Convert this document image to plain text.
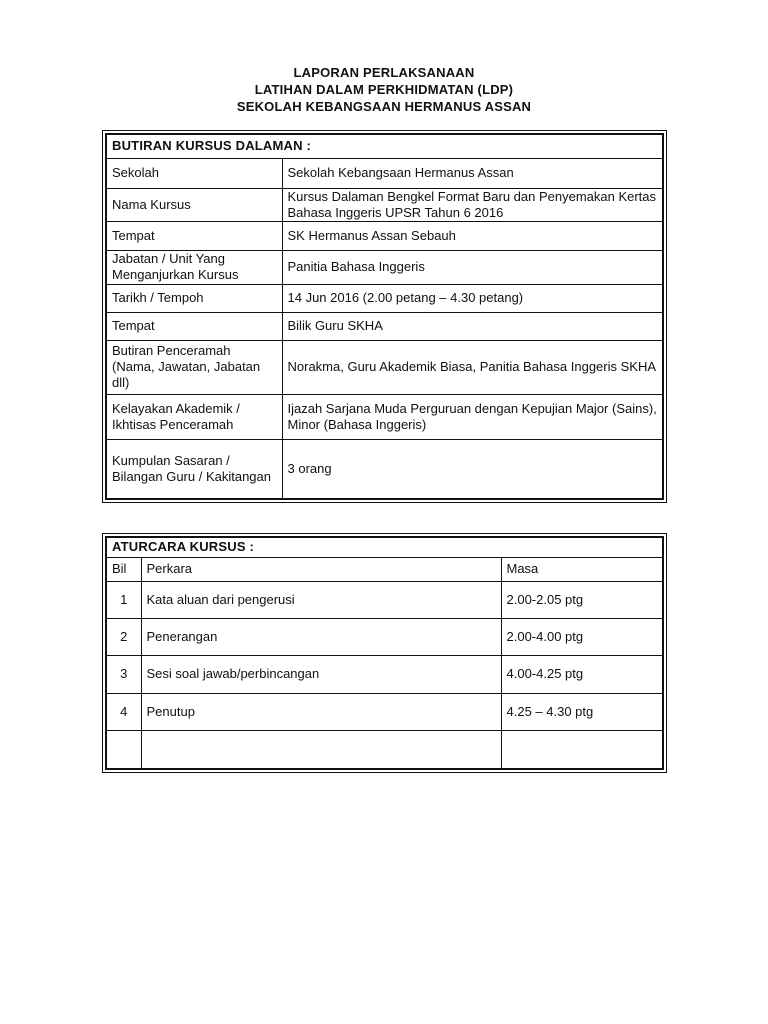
LAPORAN PERLAKSANAAN
LATIHAN DALAM PERKHIDMATAN (LDP)
SEKOLAH KEBANGSAAN HERMANUS ASSAN
BUTIRAN KURSUS DALAMAN :	
Sekolah	Sekolah Kebangsaan Hermanus Assan
Nama Kursus	Kursus Dalaman Bengkel Format Baru dan Penyemakan Kertas Bahasa Inggeris UPSR Tahun 6 2016
Tempat	SK Hermanus Assan Sebauh
Jabatan / Unit Yang Menganjurkan Kursus	Panitia Bahasa Inggeris
Tarikh / Tempoh	14 Jun 2016 (2.00 petang – 4.30 petang)
Tempat	Bilik Guru SKHA
Butiran Penceramah (Nama, Jawatan, Jabatan dll)	Norakma, Guru Akademik Biasa, Panitia Bahasa Inggeris SKHA
Kelayakan Akademik / Ikhtisas Penceramah	Ijazah Sarjana Muda Perguruan dengan Kepujian Major (Sains), Minor (Bahasa Inggeris)
Kumpulan Sasaran / Bilangan Guru / Kakitangan	3 orang
ATURCARA KURSUS :		
Bil	Perkara	Masa
1	Kata aluan dari pengerusi	2.00-2.05 ptg
2	Penerangan	2.00-4.00 ptg
3	Sesi soal jawab/perbincangan	4.00-4.25 ptg
4	Penutup	4.25 – 4.30 ptg
